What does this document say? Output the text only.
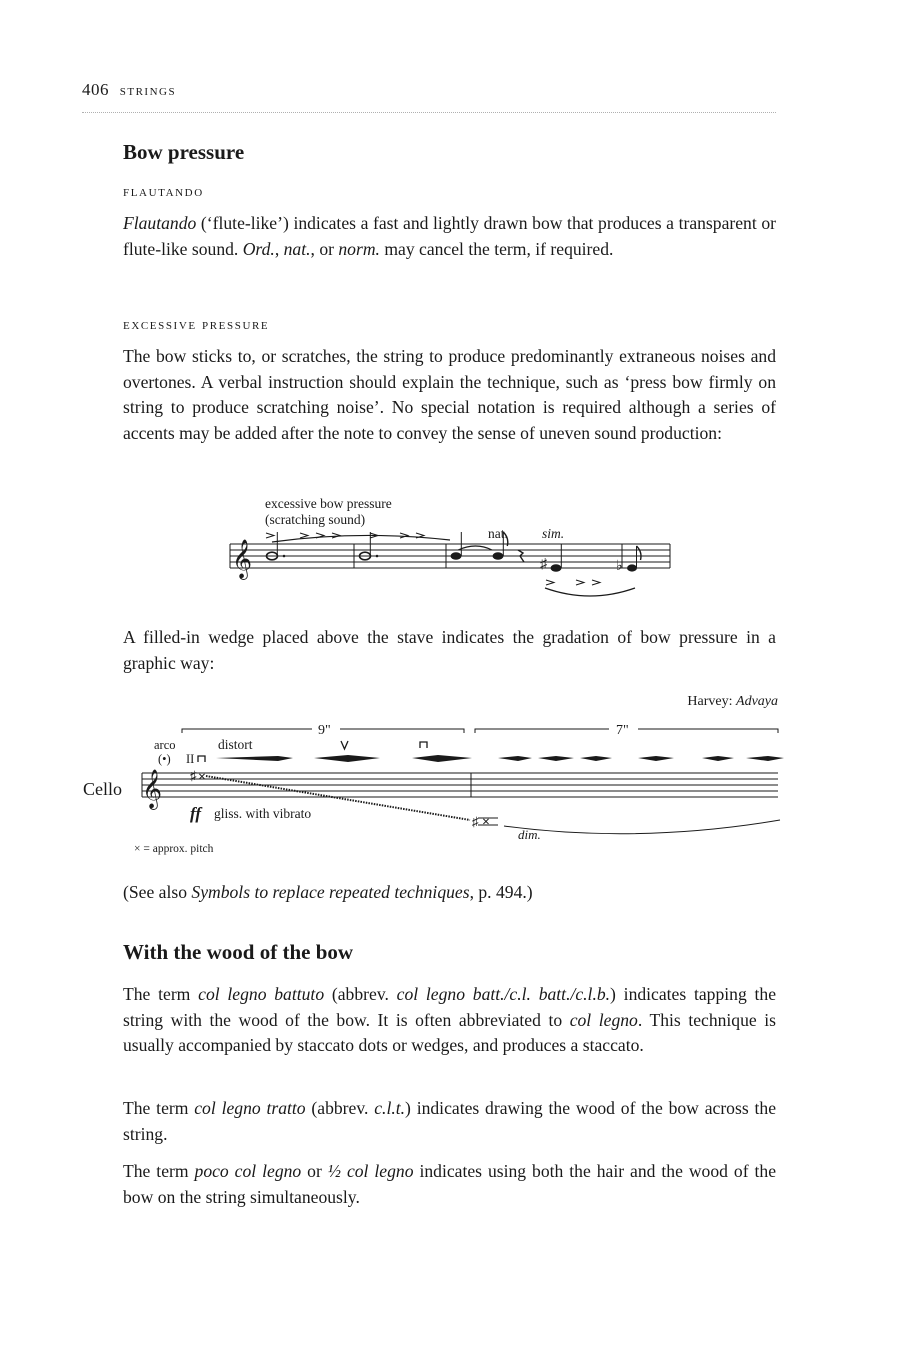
406 strings
Bow pressure
flautando

Flautando (‘flute-like’) indicates a fast and lightly drawn bow that produces a transparent or flute-like sound. Ord., nat., or norm. may cancel the term, if required.

excessive pressure

The bow sticks to, or scratches, the string to produce predominantly extraneous noises and overtones. A verbal instruction should explain the technique, such as ‘press bow firmly on string to produce scratching noise’. No special notation is required although a series of accents may be added after the note to convey the sense of uneven sound production:

excessive bow pressure
(scratching sound)
nat.	sim.
𝄞	♯	♭

A filled-in wedge placed above the stave indicates the gradation of bow pressure in a graphic way:

Harvey: Advaya
Cello
9"	7"
arco
(•) II
distort
𝄞 ♯ ×
♯ ×
ff gliss. with vibrato
dim.
× = approx. pitch

(See also Symbols to replace repeated techniques, p. 494.)

With the wood of the bow

The term col legno battuto (abbrev. col legno batt./c.l. batt./c.l.b.) indicates tapping the string with the wood of the bow. It is often abbreviated to col legno. This technique is usually accompanied by staccato dots or wedges, and produces a staccato.

The term col legno tratto (abbrev. c.l.t.) indicates drawing the wood of the bow across the string.

The term poco col legno or ½ col legno indicates using both the hair and the wood of the bow on the string simultaneously.
